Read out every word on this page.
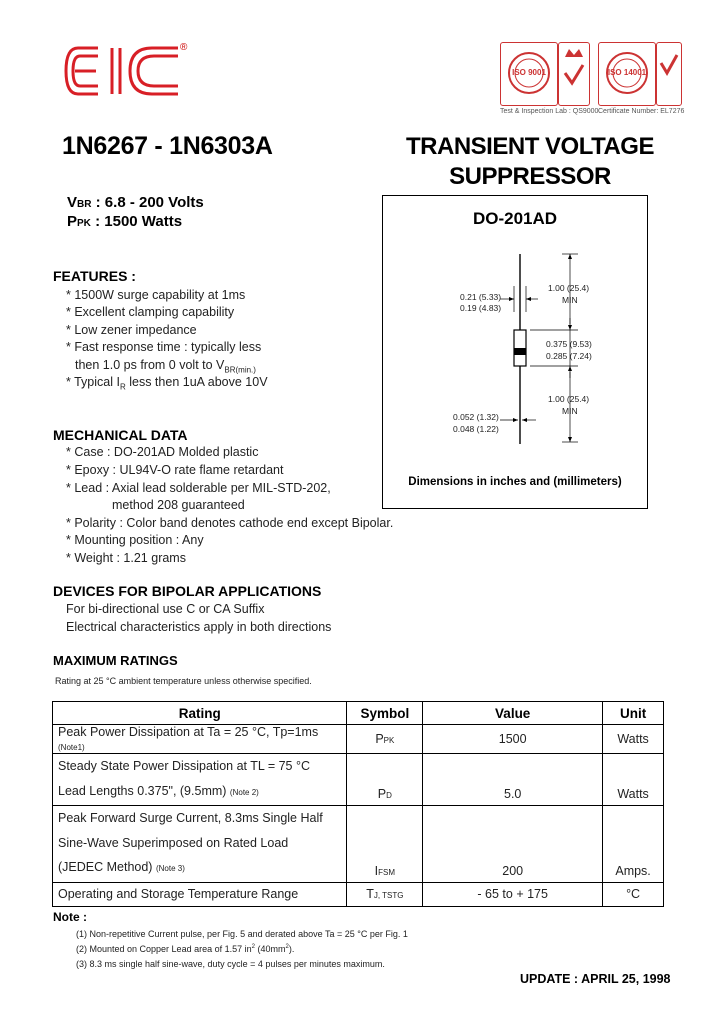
®
ISO 9001	ISO 14001
Test & Inspection Lab : QS9000 Certificate Number: EL7276
1N6267 - 1N6303A	TRANSIENT VOLTAGE
SUPPRESSOR
VBR : 6.8 - 200 Volts
PPK : 1500 Watts	DO-201AD
1.00 (25.4)
MIN
0.21 (5.33)
0.19 (4.83)
0.375 (9.53)
0.285 (7.24)
1.00 (25.4)
MIN
0.052 (1.32)
0.048 (1.22)
Dimensions in inches and (millimeters)
FEATURES :
* 1500W surge capability at 1ms
* Excellent clamping capability
* Low zener impedance
* Fast response time : typically less
then 1.0 ps from 0 volt to $V_{BR(min.)}$
* Typical $I_R$ less then 1uA above 10V
MECHANICAL DATA
* Case : DO-201AD Molded plastic
* Epoxy : UL94V-O rate flame retardant
* Lead : Axial lead solderable per MIL-STD-202,
method 208 guaranteed
* Polarity : Color band denotes cathode end except Bipolar.
* Mounting position : Any
* Weight : 1.21 grams
DEVICES FOR BIPOLAR APPLICATIONS
For bi-directional use C or CA Suffix
Electrical characteristics apply in both directions
MAXIMUM RATINGS
Rating at 25 °C ambient temperature unless otherwise specified.
Rating	Symbol	Value	Unit
Peak Power Dissipation at Ta = 25 °C, Tp=1ms (Note1)	PPK	1500	Watts

Steady State Power Dissipation at TL = 75 °C
Lead Lengths 0.375", (9.5mm) (Note 2)	PD	5.0	Watts

Peak Forward Surge Current, 8.3ms Single Half
Sine-Wave Superimposed on Rated Load
(JEDEC Method) (Note 3)	IFSM	200	Amps.
Operating and Storage Temperature Range	TJ, TSTG	- 65 to + 175	°C
Note :
(1) Non-repetitive Current pulse, per Fig. 5 and derated above Ta = 25 °C per Fig. 1
(2) Mounted on Copper Lead area of 1.57 $in^2$ $(40mm^2)$.
(3) 8.3 ms single half sine-wave, duty cycle = 4 pulses per minutes maximum.
UPDATE : APRIL 25, 1998
